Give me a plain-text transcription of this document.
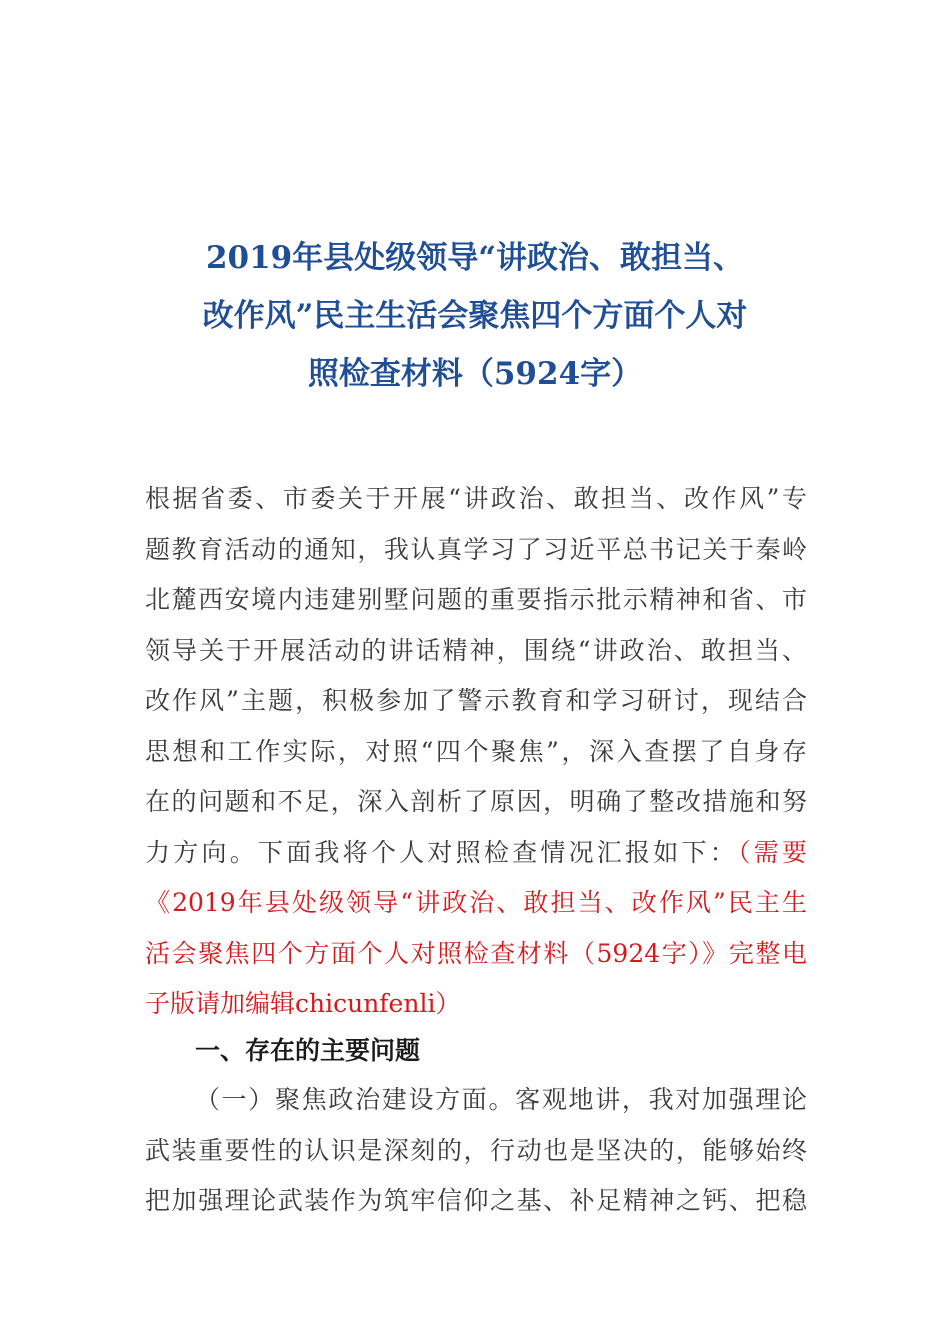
2019年县处级领导“讲政治、敢担当、
改作风”民主生活会聚焦四个方面个人对
照检查材料（5924字）
根据省委、市委关于开展“讲政治、敢担当、改作风”专
题教育活动的通知，我认真学习了习近平总书记关于秦岭
北麓西安境内违建别墅问题的重要指示批示精神和省、市
领导关于开展活动的讲话精神，围绕“讲政治、敢担当、
改作风”主题，积极参加了警示教育和学习研讨，现结合
思想和工作实际，对照“四个聚焦”，深入查摆了自身存
在的问题和不足，深入剖析了原因，明确了整改措施和努
力方向。下面我将个人对照检查情况汇报如下：（需要
《2019年县处级领导“讲政治、敢担当、改作风”民主生
活会聚焦四个方面个人对照检查材料（5924字）》完整电
子版请加编辑chicunfenli）
一、存在的主要问题
（一）聚焦政治建设方面。客观地讲，我对加强理论
武装重要性的认识是深刻的，行动也是坚决的，能够始终
把加强理论武装作为筑牢信仰之基、补足精神之钙、把稳
